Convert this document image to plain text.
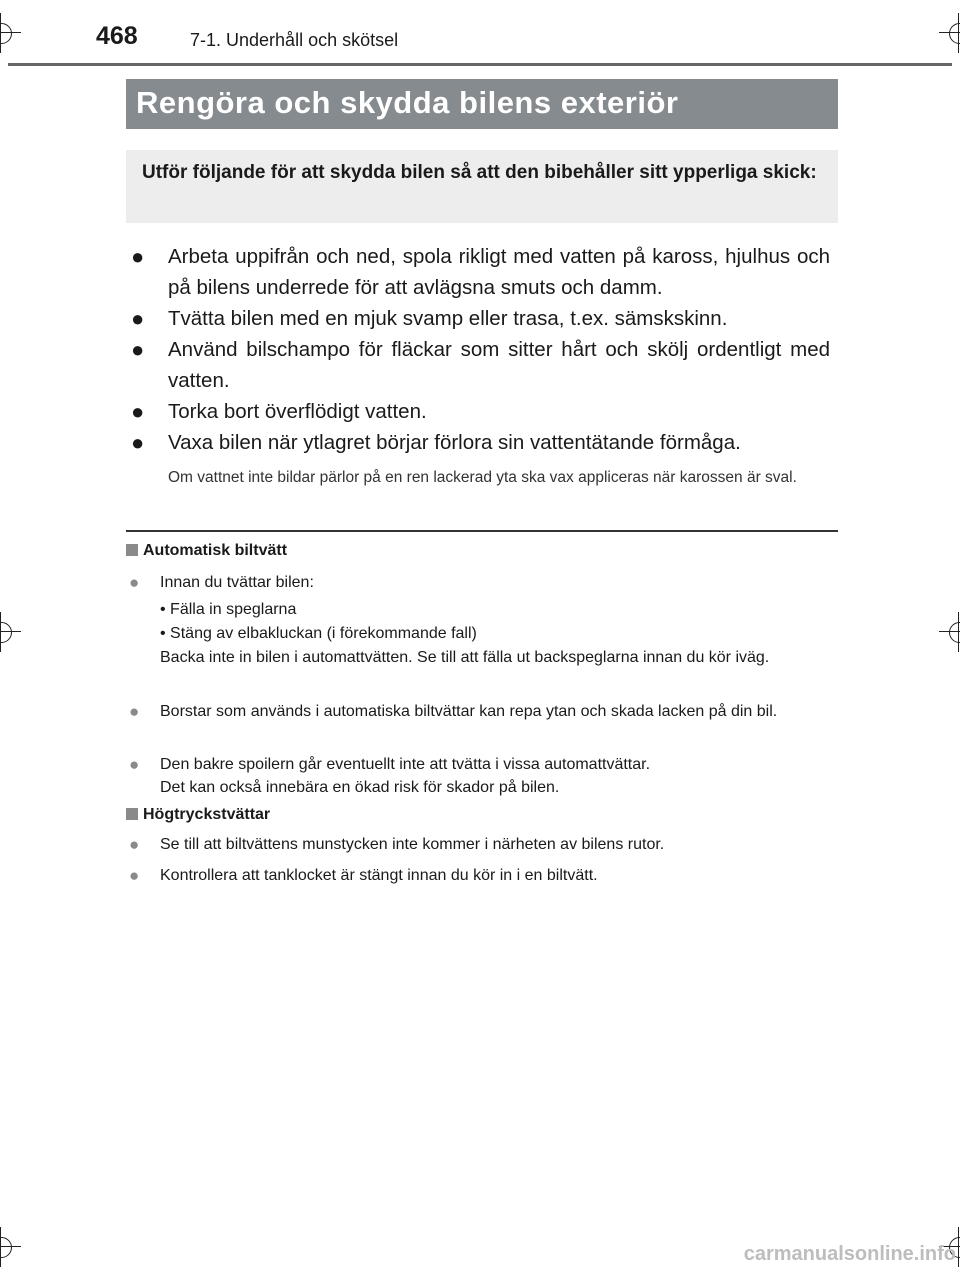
468	7-1. Underhåll och skötsel
Rengöra och skydda bilens exteriör
Utför följande för att skydda bilen så att den bibehåller sitt ypperliga skick:
● Arbeta uppifrån och ned, spola rikligt med vatten på kaross, hjulhus och på bilens underrede för att avlägsna smuts och damm.
● Tvätta bilen med en mjuk svamp eller trasa, t.ex. sämskskinn.
● Använd bilschampo för fläckar som sitter hårt och skölj ordentligt med vatten.
● Torka bort överflödigt vatten.
● Vaxa bilen när ytlagret börjar förlora sin vattentätande förmåga.
Om vattnet inte bildar pärlor på en ren lackerad yta ska vax appliceras när karossen är sval.
Automatisk biltvätt
● Innan du tvättar bilen:
• Fälla in speglarna
• Stäng av elbakluckan (i förekommande fall)
Backa inte in bilen i automattvätten. Se till att fälla ut backspeglarna innan du kör iväg.
● Borstar som används i automatiska biltvättar kan repa ytan och skada lacken på din bil.
● Den bakre spoilern går eventuellt inte att tvätta i vissa automattvättar.
Det kan också innebära en ökad risk för skador på bilen.
Högtryckstvättar
● Se till att biltvättens munstycken inte kommer i närheten av bilens rutor.
● Kontrollera att tanklocket är stängt innan du kör in i en biltvätt.
carmanualsonline.info
